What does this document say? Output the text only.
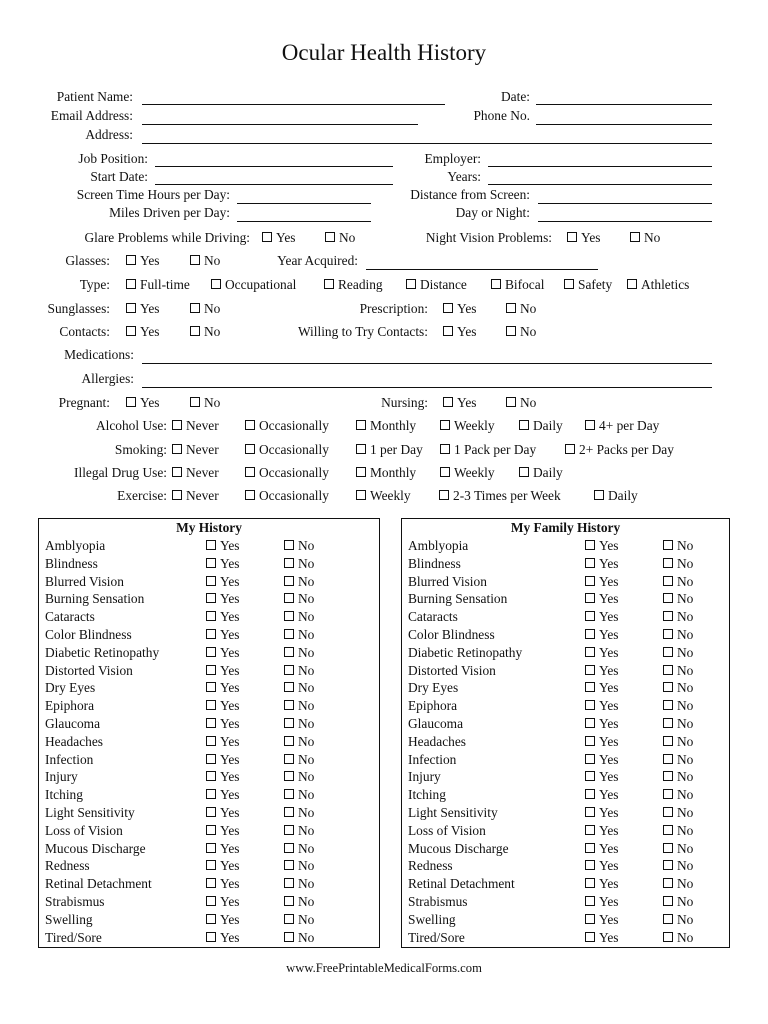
Ocular Health History
Patient Name:	Date:
Email Address:	Phone No.
Address:
Job Position:	Employer:
Start Date:	Years:
Screen Time Hours per Day:	Distance from Screen:
Miles Driven per Day:	Day or Night:
Glare Problems while Driving:	Yes	No	Night Vision Problems:	Yes	No
Glasses:	Yes	No	Year Acquired:
Type:	Full-time	Occupational	Reading	Distance	Bifocal	Safety	Athletics
Sunglasses:	Yes	No	Prescription:	Yes	No
Contacts:	Yes	No	Willing to Try Contacts:	Yes	No
Medications:
Allergies:
Pregnant:	Yes	No	Nursing:	Yes	No
Alcohol Use:	Never	Occasionally	Monthly	Weekly	Daily	4+ per Day
Smoking:	Never	Occasionally	1 per Day	1 Pack per Day	2+ Packs per Day
Illegal Drug Use:	Never	Occasionally	Monthly	Weekly	Daily
Exercise:	Never	Occasionally	Weekly	2-3 Times per Week	Daily
My History
Amblyopia	Yes	No
Blindness	Yes	No
Blurred Vision	Yes	No
Burning Sensation	Yes	No
Cataracts	Yes	No
Color Blindness	Yes	No
Diabetic Retinopathy	Yes	No
Distorted Vision	Yes	No
Dry Eyes	Yes	No
Epiphora	Yes	No
Glaucoma	Yes	No
Headaches	Yes	No
Infection	Yes	No
Injury	Yes	No
Itching	Yes	No
Light Sensitivity	Yes	No
Loss of Vision	Yes	No
Mucous Discharge	Yes	No
Redness	Yes	No
Retinal Detachment	Yes	No
Strabismus	Yes	No
Swelling	Yes	No
Tired/Sore	Yes	No
My Family History
Amblyopia	Yes	No
Blindness	Yes	No
Blurred Vision	Yes	No
Burning Sensation	Yes	No
Cataracts	Yes	No
Color Blindness	Yes	No
Diabetic Retinopathy	Yes	No
Distorted Vision	Yes	No
Dry Eyes	Yes	No
Epiphora	Yes	No
Glaucoma	Yes	No
Headaches	Yes	No
Infection	Yes	No
Injury	Yes	No
Itching	Yes	No
Light Sensitivity	Yes	No
Loss of Vision	Yes	No
Mucous Discharge	Yes	No
Redness	Yes	No
Retinal Detachment	Yes	No
Strabismus	Yes	No
Swelling	Yes	No
Tired/Sore	Yes	No
www.FreePrintableMedicalForms.com
